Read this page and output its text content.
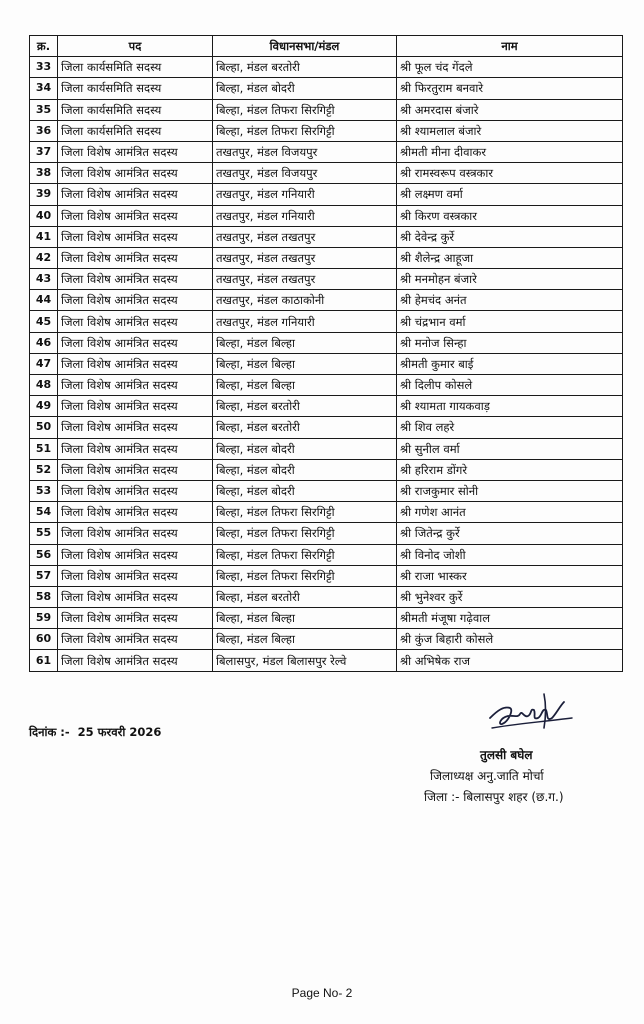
क्र.	पद	विधानसभा/मंडल	नाम
33	जिला कार्यसमिति सदस्य	बिल्हा, मंडल बरतोरी	श्री फूल चंद गेंदले
34	जिला कार्यसमिति सदस्य	बिल्हा, मंडल बोदरी	श्री फिरतुराम बनवारे
35	जिला कार्यसमिति सदस्य	बिल्हा, मंडल तिफरा सिरगिट्टी	श्री अमरदास बंजारे
36	जिला कार्यसमिति सदस्य	बिल्हा, मंडल तिफरा सिरगिट्टी	श्री श्यामलाल बंजारे
37	जिला विशेष आमंत्रित सदस्य	तखतपुर, मंडल विजयपुर	श्रीमती मीना दीवाकर
38	जिला विशेष आमंत्रित सदस्य	तखतपुर, मंडल विजयपुर	श्री रामस्वरूप वस्त्रकार
39	जिला विशेष आमंत्रित सदस्य	तखतपुर, मंडल गनियारी	श्री लक्ष्मण वर्मा
40	जिला विशेष आमंत्रित सदस्य	तखतपुर, मंडल गनियारी	श्री किरण वस्त्रकार
41	जिला विशेष आमंत्रित सदस्य	तखतपुर, मंडल तखतपुर	श्री देवेन्द्र कुर्रे
42	जिला विशेष आमंत्रित सदस्य	तखतपुर, मंडल तखतपुर	श्री शैलेन्द्र आहूजा
43	जिला विशेष आमंत्रित सदस्य	तखतपुर, मंडल तखतपुर	श्री मनमोहन बंजारे
44	जिला विशेष आमंत्रित सदस्य	तखतपुर, मंडल काठाकोनी	श्री हेमचंद अनंत
45	जिला विशेष आमंत्रित सदस्य	तखतपुर, मंडल गनियारी	श्री चंद्रभान वर्मा
46	जिला विशेष आमंत्रित सदस्य	बिल्हा, मंडल बिल्हा	श्री मनोज सिन्हा
47	जिला विशेष आमंत्रित सदस्य	बिल्हा, मंडल बिल्हा	श्रीमती कुमार बाई
48	जिला विशेष आमंत्रित सदस्य	बिल्हा, मंडल बिल्हा	श्री दिलीप कोसले
49	जिला विशेष आमंत्रित सदस्य	बिल्हा, मंडल बरतोरी	श्री श्यामता गायकवाड़
50	जिला विशेष आमंत्रित सदस्य	बिल्हा, मंडल बरतोरी	श्री शिव लहरे
51	जिला विशेष आमंत्रित सदस्य	बिल्हा, मंडल बोदरी	श्री सुनील वर्मा
52	जिला विशेष आमंत्रित सदस्य	बिल्हा, मंडल बोदरी	श्री हरिराम डोंगरे
53	जिला विशेष आमंत्रित सदस्य	बिल्हा, मंडल बोदरी	श्री राजकुमार सोनी
54	जिला विशेष आमंत्रित सदस्य	बिल्हा, मंडल तिफरा सिरगिट्टी	श्री गणेश आनंत
55	जिला विशेष आमंत्रित सदस्य	बिल्हा, मंडल तिफरा सिरगिट्टी	श्री जितेन्द्र कुर्रे
56	जिला विशेष आमंत्रित सदस्य	बिल्हा, मंडल तिफरा सिरगिट्टी	श्री विनोद जोशी
57	जिला विशेष आमंत्रित सदस्य	बिल्हा, मंडल तिफरा सिरगिट्टी	श्री राजा भास्कर
58	जिला विशेष आमंत्रित सदस्य	बिल्हा, मंडल बरतोरी	श्री भुनेश्वर कुर्रे
59	जिला विशेष आमंत्रित सदस्य	बिल्हा, मंडल बिल्हा	श्रीमती मंजूषा गढ़ेवाल
60	जिला विशेष आमंत्रित सदस्य	बिल्हा, मंडल बिल्हा	श्री कुंज बिहारी कोसले
61	जिला विशेष आमंत्रित सदस्य	बिलासपुर, मंडल बिलासपुर रेल्वे	श्री अभिषेक राज
दिनांक :- 25 फरवरी 2026
तुलसी बघेल
जिलाध्यक्ष अनु.जाति मोर्चा
जिला :- बिलासपुर शहर (छ.ग.)
Page No- 2
